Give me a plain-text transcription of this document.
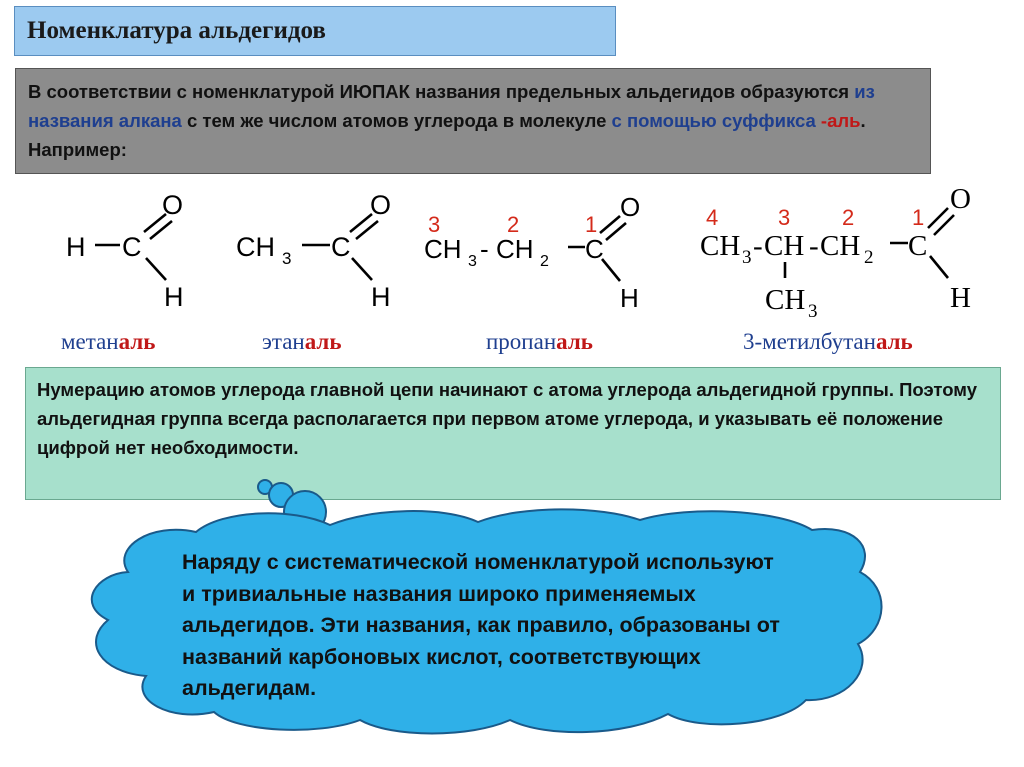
Номенклатура альдегидов
В соответствии с номенклатурой ИЮПАК названия предельных альдегидов образуются из названия алкана с тем же числом атомов углерода в молекуле с помощью суффикса -аль. Например:
H C
O
H
CH 3 C
O
H
CH 3 - CH 2 C
O
H
3	2	1
CH 3 - CH - CH 2 C
O
H
CH 3
4	3 2	1
метаналь	этаналь	пропаналь	3-метилбутаналь
Нумерацию атомов углерода главной цепи начинают с атома углерода альдегидной группы. Поэтому альдегидная группа всегда располагается при первом атоме углерода, и указывать её положение цифрой нет необходимости.
Наряду с систематической номенклатурой используют и тривиальные названия широко применяемых альдегидов. Эти названия, как правило, образованы от названий карбоновых кислот, соответствующих альдегидам.
